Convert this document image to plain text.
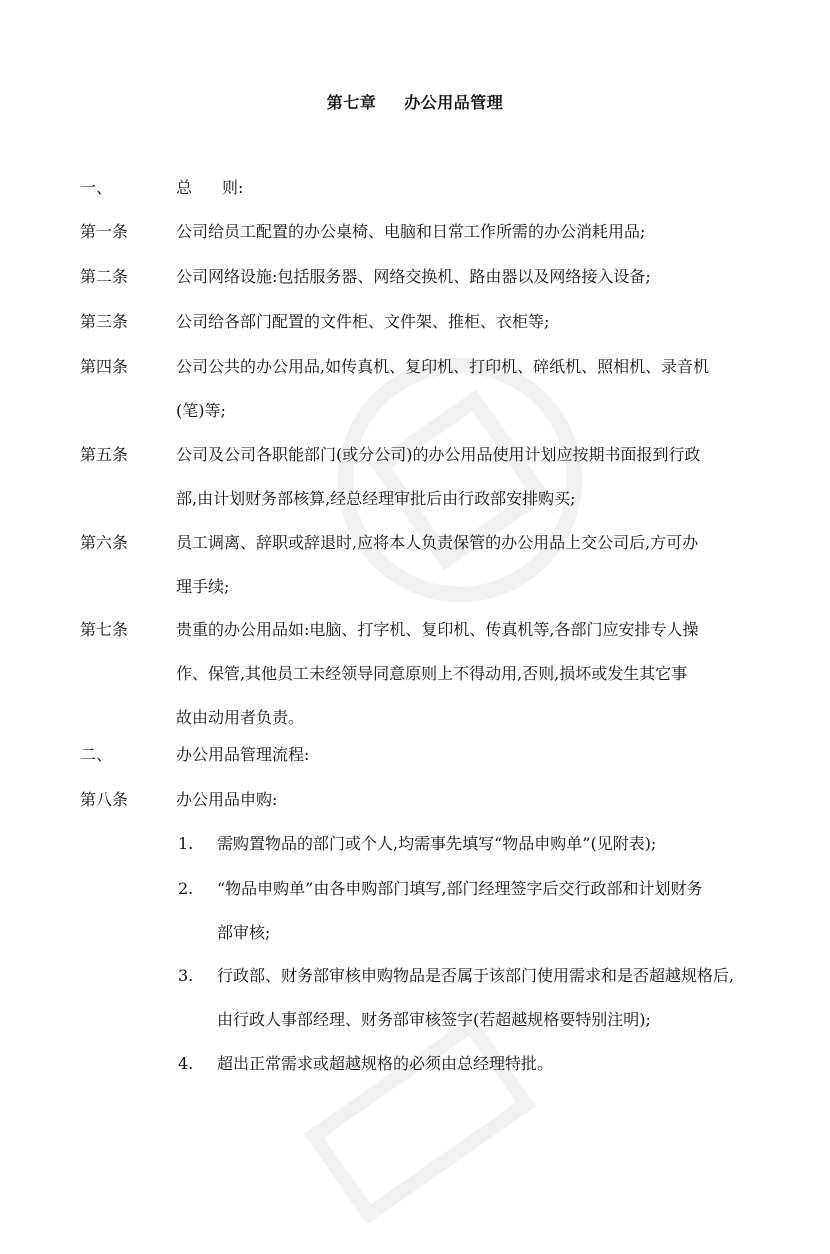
第七章 办公用品管理
一、	总 则:
第一条	公司给员工配置的办公桌椅、电脑和日常工作所需的办公消耗用品;
第二条	公司网络设施:包括服务器、网络交换机、路由器以及网络接入设备;
第三条	公司给各部门配置的文件柜、文件架、推柜、衣柜等;
第四条	公司公共的办公用品,如传真机、复印机、打印机、碎纸机、照相机、录音机
(笔)等;
第五条	公司及公司各职能部门(或分公司)的办公用品使用计划应按期书面报到行政
部,由计划财务部核算,经总经理审批后由行政部安排购买;
第六条	员工调离、辞职或辞退时,应将本人负责保管的办公用品上交公司后,方可办
理手续;
第七条	贵重的办公用品如:电脑、打字机、复印机、传真机等,各部门应安排专人操
作、保管,其他员工未经领导同意原则上不得动用,否则,损坏或发生其它事
故由动用者负责。
二、	办公用品管理流程:
第八条	办公用品申购:
1. 需购置物品的部门或个人,均需事先填写“物品申购单”(见附表);
2. “物品申购单”由各申购部门填写,部门经理签字后交行政部和计划财务
部审核;
3. 行政部、财务部审核申购物品是否属于该部门使用需求和是否超越规格后,
由行政人事部经理、财务部审核签字(若超越规格要特别注明);
4. 超出正常需求或超越规格的必须由总经理特批。
